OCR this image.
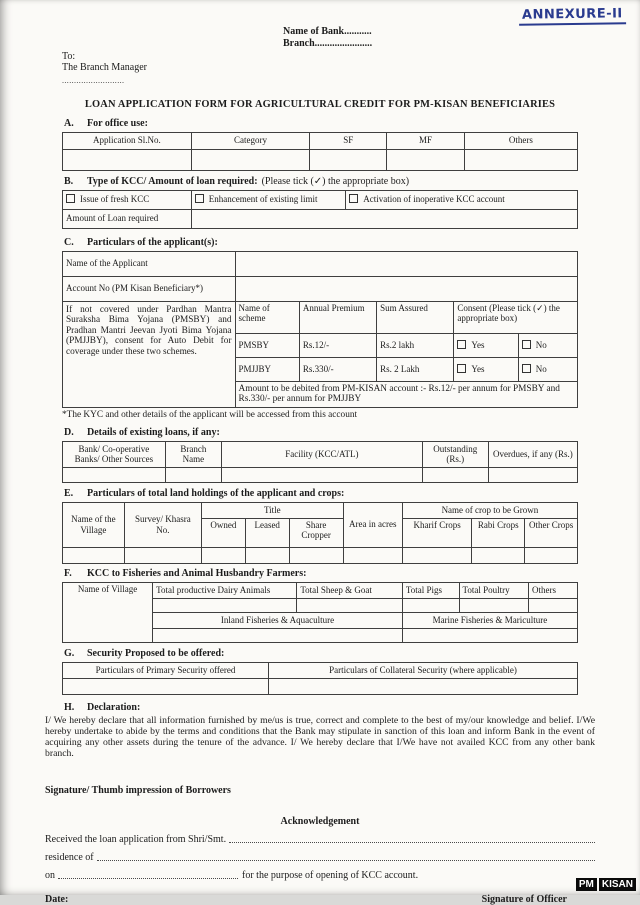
ANNEXURE-II
Name of Bank...........
Branch.......................
To:
The Branch Manager
..........................
LOAN APPLICATION FORM FOR AGRICULTURAL CREDIT FOR PM-KISAN BENEFICIARIES
A. For office use:
Application Sl.No.	Category	SF	MF	Others

B. Type of KCC/ Amount of loan required: (Please tick (✓) the appropriate box)
Issue of fresh KCC	Enhancement of existing limit	Activation of inoperative KCC account
Amount of Loan required		
C. Particulars of the applicant(s):
Name of the Applicant					
Account No (PM Kisan Beneficiary*)					
If not covered under Pardhan Mantra Suraksha Bima Yojana (PMSBY) and Pradhan Mantri Jeevan Jyoti Bima Yojana (PMJJBY), consent for Auto Debit for coverage under these two schemes.	Name of scheme	Annual Premium	Sum Assured	Consent (Please tick (✓) the appropriate box)	
	PMSBY	Rs.12/-	Rs.2 lakh	Yes	No
	PMJJBY	Rs.330/-	Rs. 2 Lakh	Yes	No
	Amount to be debited from PM-KISAN account :- Rs.12/- per annum for PMSBY and Rs.330/- per annum for PMJJBY				
*The KYC and other details of the applicant will be accessed from this account
D. Details of existing loans, if any:
Bank/ Co-operative Banks/ Other Sources	Branch Name	Facility (KCC/ATL)	Outstanding (Rs.)	Overdues, if any (Rs.)

E. Particulars of total land holdings of the applicant and crops:
Name of the Village	Survey/ Khasra No.	Title			Area in acres	Name of crop to be Grown		
		Owned	Leased	Share Cropper		Kharif Crops	Rabi Crops	Other Crops

F. KCC to Fisheries and Animal Husbandry Farmers:
Name of Village	Total productive Dairy Animals	Total Sheep & Goat	Total Pigs	Total Poultry	Others

	Inland Fisheries & Aquaculture		Marine Fisheries & Mariculture		

G. Security Proposed to be offered:
Particulars of Primary Security offered	Particulars of Collateral Security (where applicable)

H. Declaration:
I/ We hereby declare that all information furnished by me/us is true, correct and complete to the best of my/our knowledge and belief. I/We hereby undertake to abide by the terms and conditions that the Bank may stipulate in sanction of this loan and inform Bank in the event of acquiring any other assets during the tenure of the advance. I/ We hereby declare that I/We have not availed KCC from any other bank branch.
Signature/ Thumb impression of Borrowers
Acknowledgement
Received the loan application from Shri/Smt.
residence of
on	for the purpose of opening of KCC account.
Date:	Signature of Officer
PM KISAN
